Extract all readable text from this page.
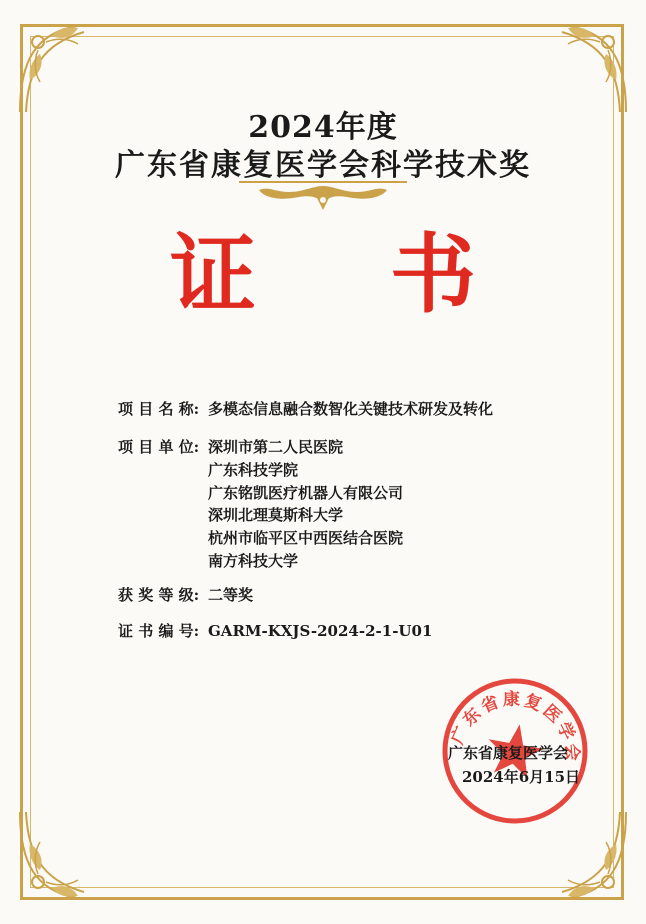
2024年度
广东省康复医学会科学技术奖
证 书
项 目 名 称: 多模态信息融合数智化关键技术研发及转化
项 目 单 位: 深圳市第二人民医院
广东科技学院
广东铭凯医疗机器人有限公司
深圳北理莫斯科大学
杭州市临平区中西医结合医院
南方科技大学
获 奖 等 级: 二等奖
证 书 编 号: GARM-KXJS-2024-2-1-U01
广东省康复医学会
广东省康复医学会
2024年6月15日
